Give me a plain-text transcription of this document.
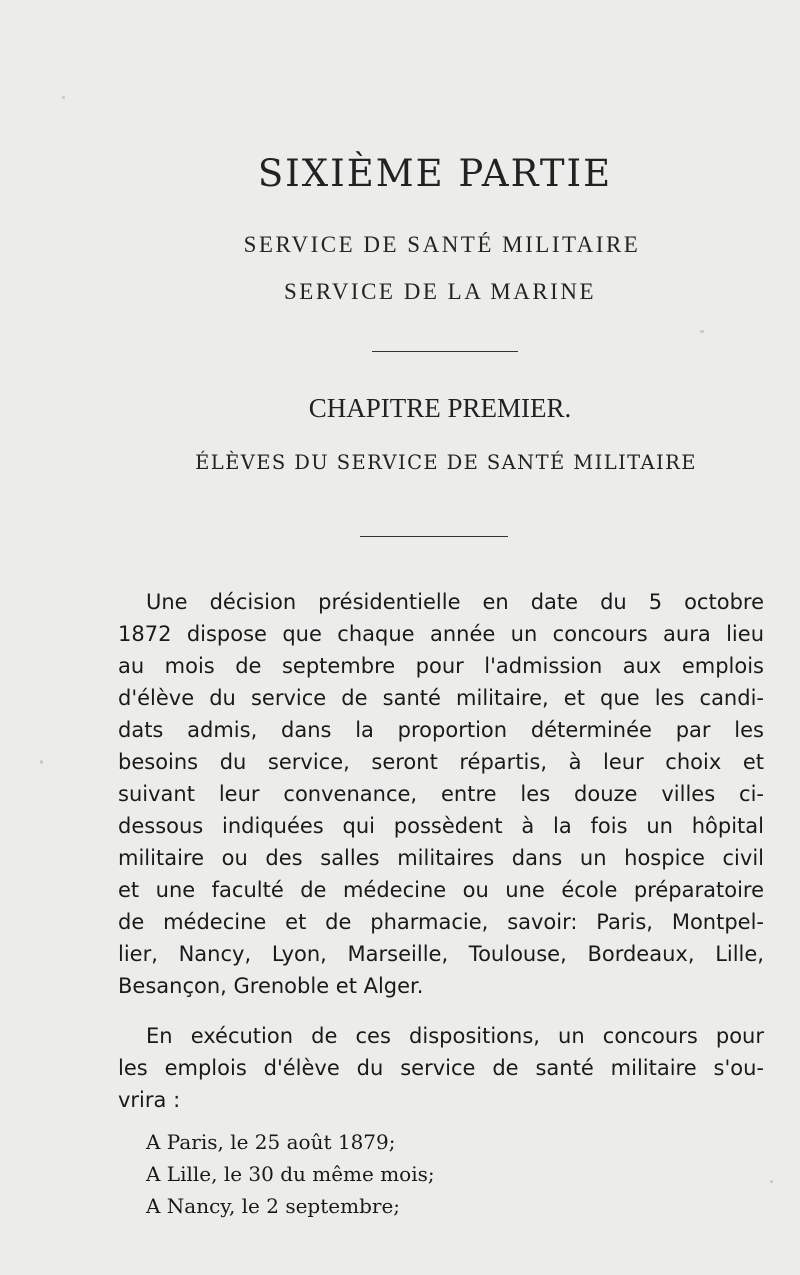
SIXIÈME PARTIE
SERVICE DE SANTÉ MILITAIRE
SERVICE DE LA MARINE
CHAPITRE PREMIER.
ÉLÈVES DU SERVICE DE SANTÉ MILITAIRE
Une décision présidentielle en date du 5 octobre
1872 dispose que chaque année un concours aura lieu
au mois de septembre pour l'admission aux emplois
d'élève du service de santé militaire, et que les candi-
dats admis, dans la proportion déterminée par les
besoins du service, seront répartis, à leur choix et
suivant leur convenance, entre les douze villes ci-
dessous indiquées qui possèdent à la fois un hôpital
militaire ou des salles militaires dans un hospice civil
et une faculté de médecine ou une école préparatoire
de médecine et de pharmacie, savoir: Paris, Montpel-
lier, Nancy, Lyon, Marseille, Toulouse, Bordeaux, Lille,
Besançon, Grenoble et Alger.
En exécution de ces dispositions, un concours pour
les emplois d'élève du service de santé militaire s'ou-
vrira :
A Paris, le 25 août 1879;
A Lille, le 30 du même mois;
A Nancy, le 2 septembre;
